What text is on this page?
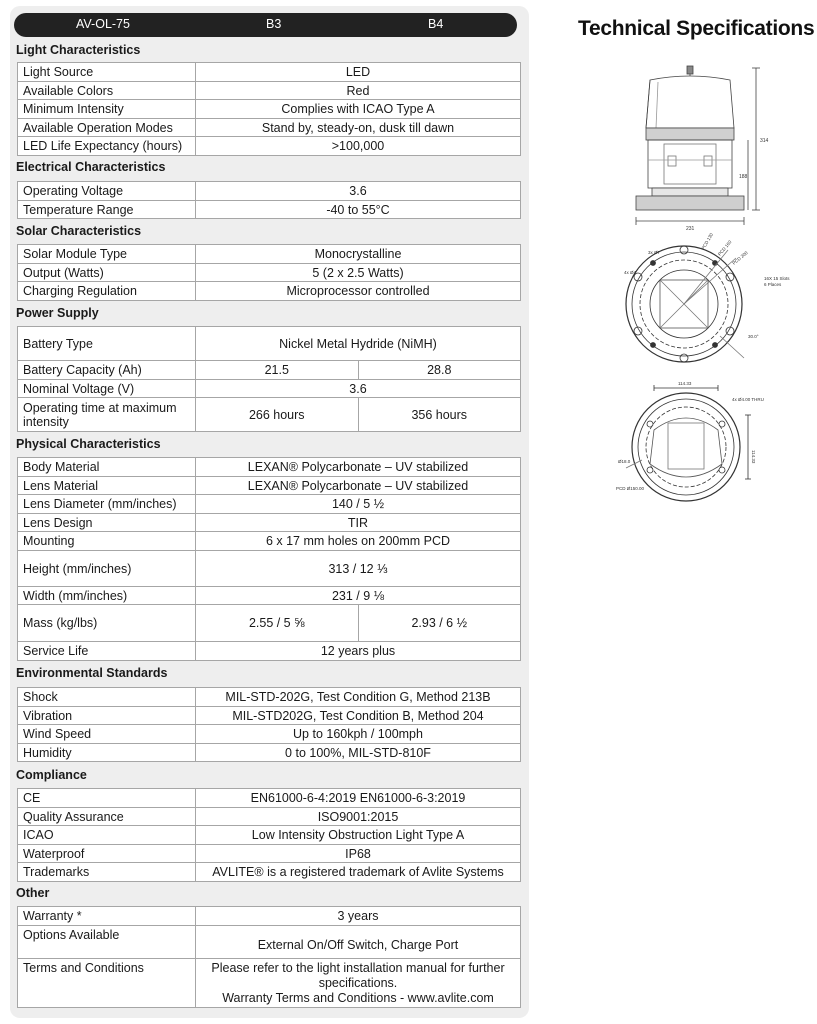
AV-OL-75	B3	B4
Light Characteristics
Light Source	LED
Available Colors	Red
Minimum Intensity	Complies with ICAO Type A
Available Operation Modes	Stand by, steady-on, dusk till dawn
LED Life Expectancy (hours)	>100,000
Electrical Characteristics
Operating Voltage	3.6
Temperature Range	-40 to 55°C
Solar Characteristics
Solar Module Type	Monocrystalline
Output (Watts)	5 (2 x 2.5 Watts)
Charging Regulation	Microprocessor controlled
Power Supply
Battery Type	Nickel Metal Hydride (NiMH)	
Battery Capacity (Ah)	21.5	28.8
Nominal Voltage (V)	3.6	
Operating time at maximum intensity	266 hours	356 hours
Physical Characteristics
Body Material	LEXAN® Polycarbonate – UV stabilized	
Lens Material	LEXAN® Polycarbonate – UV stabilized	
Lens Diameter (mm/inches)	140 / 5 ½	
Lens Design	TIR	
Mounting	6 x 17 mm holes on 200mm PCD	
Height (mm/inches)	313 / 12 ⅓	
Width (mm/inches)	231 / 9 ⅛	
Mass (kg/lbs)	2.55 / 5 ⅝	2.93 / 6 ½
Service Life	12 years plus	
Environmental Standards
Shock	MIL-STD-202G, Test Condition G, Method 213B
Vibration	MIL-STD202G, Test Condition B, Method 204
Wind Speed	Up to 160kph / 100mph
Humidity	0 to 100%, MIL-STD-810F
Compliance
CE	EN61000-6-4:2019 EN61000-6-3:2019
Quality Assurance	ISO9001:2015
ICAO	Low Intensity Obstruction Light Type A
Waterproof	IP68
Trademarks	AVLITE® is a registered trademark of Avlite Systems
Other
Warranty *	3 years
Options Available	External On/Off Switch, Charge Port
Terms and Conditions	Please refer to the light installation manual for further
specifications.
Warranty Terms and Conditions - www.avlite.com
Technical Specifications
231
314
188
3x Ø7
4x Ø4
PCD 130 PCD 160
PCD 200
16X 15 Slots
6 Places
30.0°
114.33
4x Ø4.00 THRU
114.33
Ø18.0
PCD Ø150.00
